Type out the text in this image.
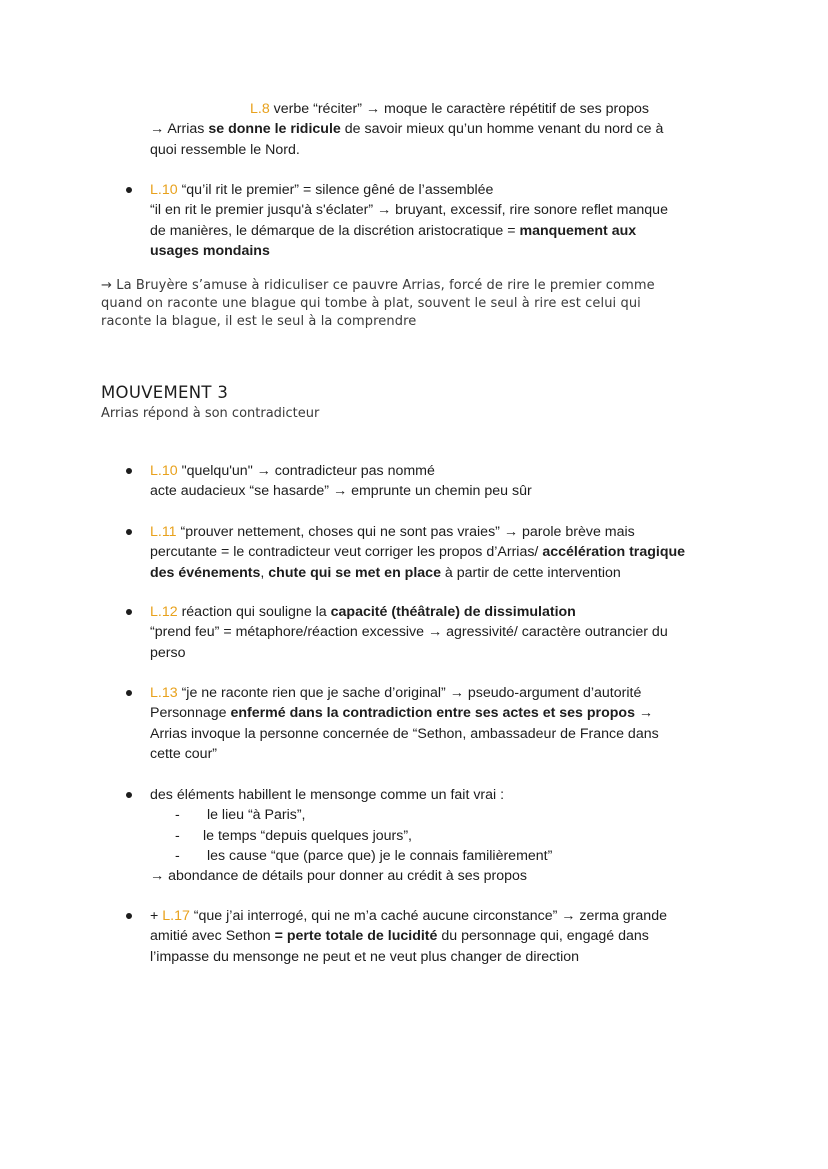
L.8 verbe “réciter” → moque le caractère répétitif de ses propos
→ Arrias se donne le ridicule de savoir mieux qu’un homme venant du nord ce à
quoi ressemble le Nord.
L.10 “qu’il rit le premier” = silence gêné de l’assemblée
“il en rit le premier jusqu'à s'éclater” → bruyant, excessif, rire sonore reflet manque
de manières, le démarque de la discrétion aristocratique = manquement aux
usages mondains
→ La Bruyère s’amuse à ridiculiser ce pauvre Arrias, forcé de rire le premier comme
quand on raconte une blague qui tombe à plat, souvent le seul à rire est celui qui
raconte la blague, il est le seul à la comprendre
MOUVEMENT 3
Arrias répond à son contradicteur
L.10 "quelqu'un" → contradicteur pas nommé
acte audacieux “se hasarde” → emprunte un chemin peu sûr
L.11 “prouver nettement, choses qui ne sont pas vraies” → parole brève mais
percutante = le contradicteur veut corriger les propos d’Arrias/ accélération tragique
des événements, chute qui se met en place à partir de cette intervention
L.12 réaction qui souligne la capacité (théâtrale) de dissimulation
“prend feu” = métaphore/réaction excessive → agressivité/ caractère outrancier du
perso
L.13 “je ne raconte rien que je sache d’original” → pseudo-argument d’autorité
Personnage enfermé dans la contradiction entre ses actes et ses propos →
Arrias invoque la personne concernée de “Sethon, ambassadeur de France dans
cette cour”
des éléments habillent le mensonge comme un fait vrai :
- le lieu “à Paris”,
- le temps “depuis quelques jours”,
- les cause “que (parce que) je le connais familièrement”
→ abondance de détails pour donner au crédit à ses propos
+ L.17 “que j’ai interrogé, qui ne m’a caché aucune circonstance” → zerma grande
amitié avec Sethon = perte totale de lucidité du personnage qui, engagé dans
l’impasse du mensonge ne peut et ne veut plus changer de direction
